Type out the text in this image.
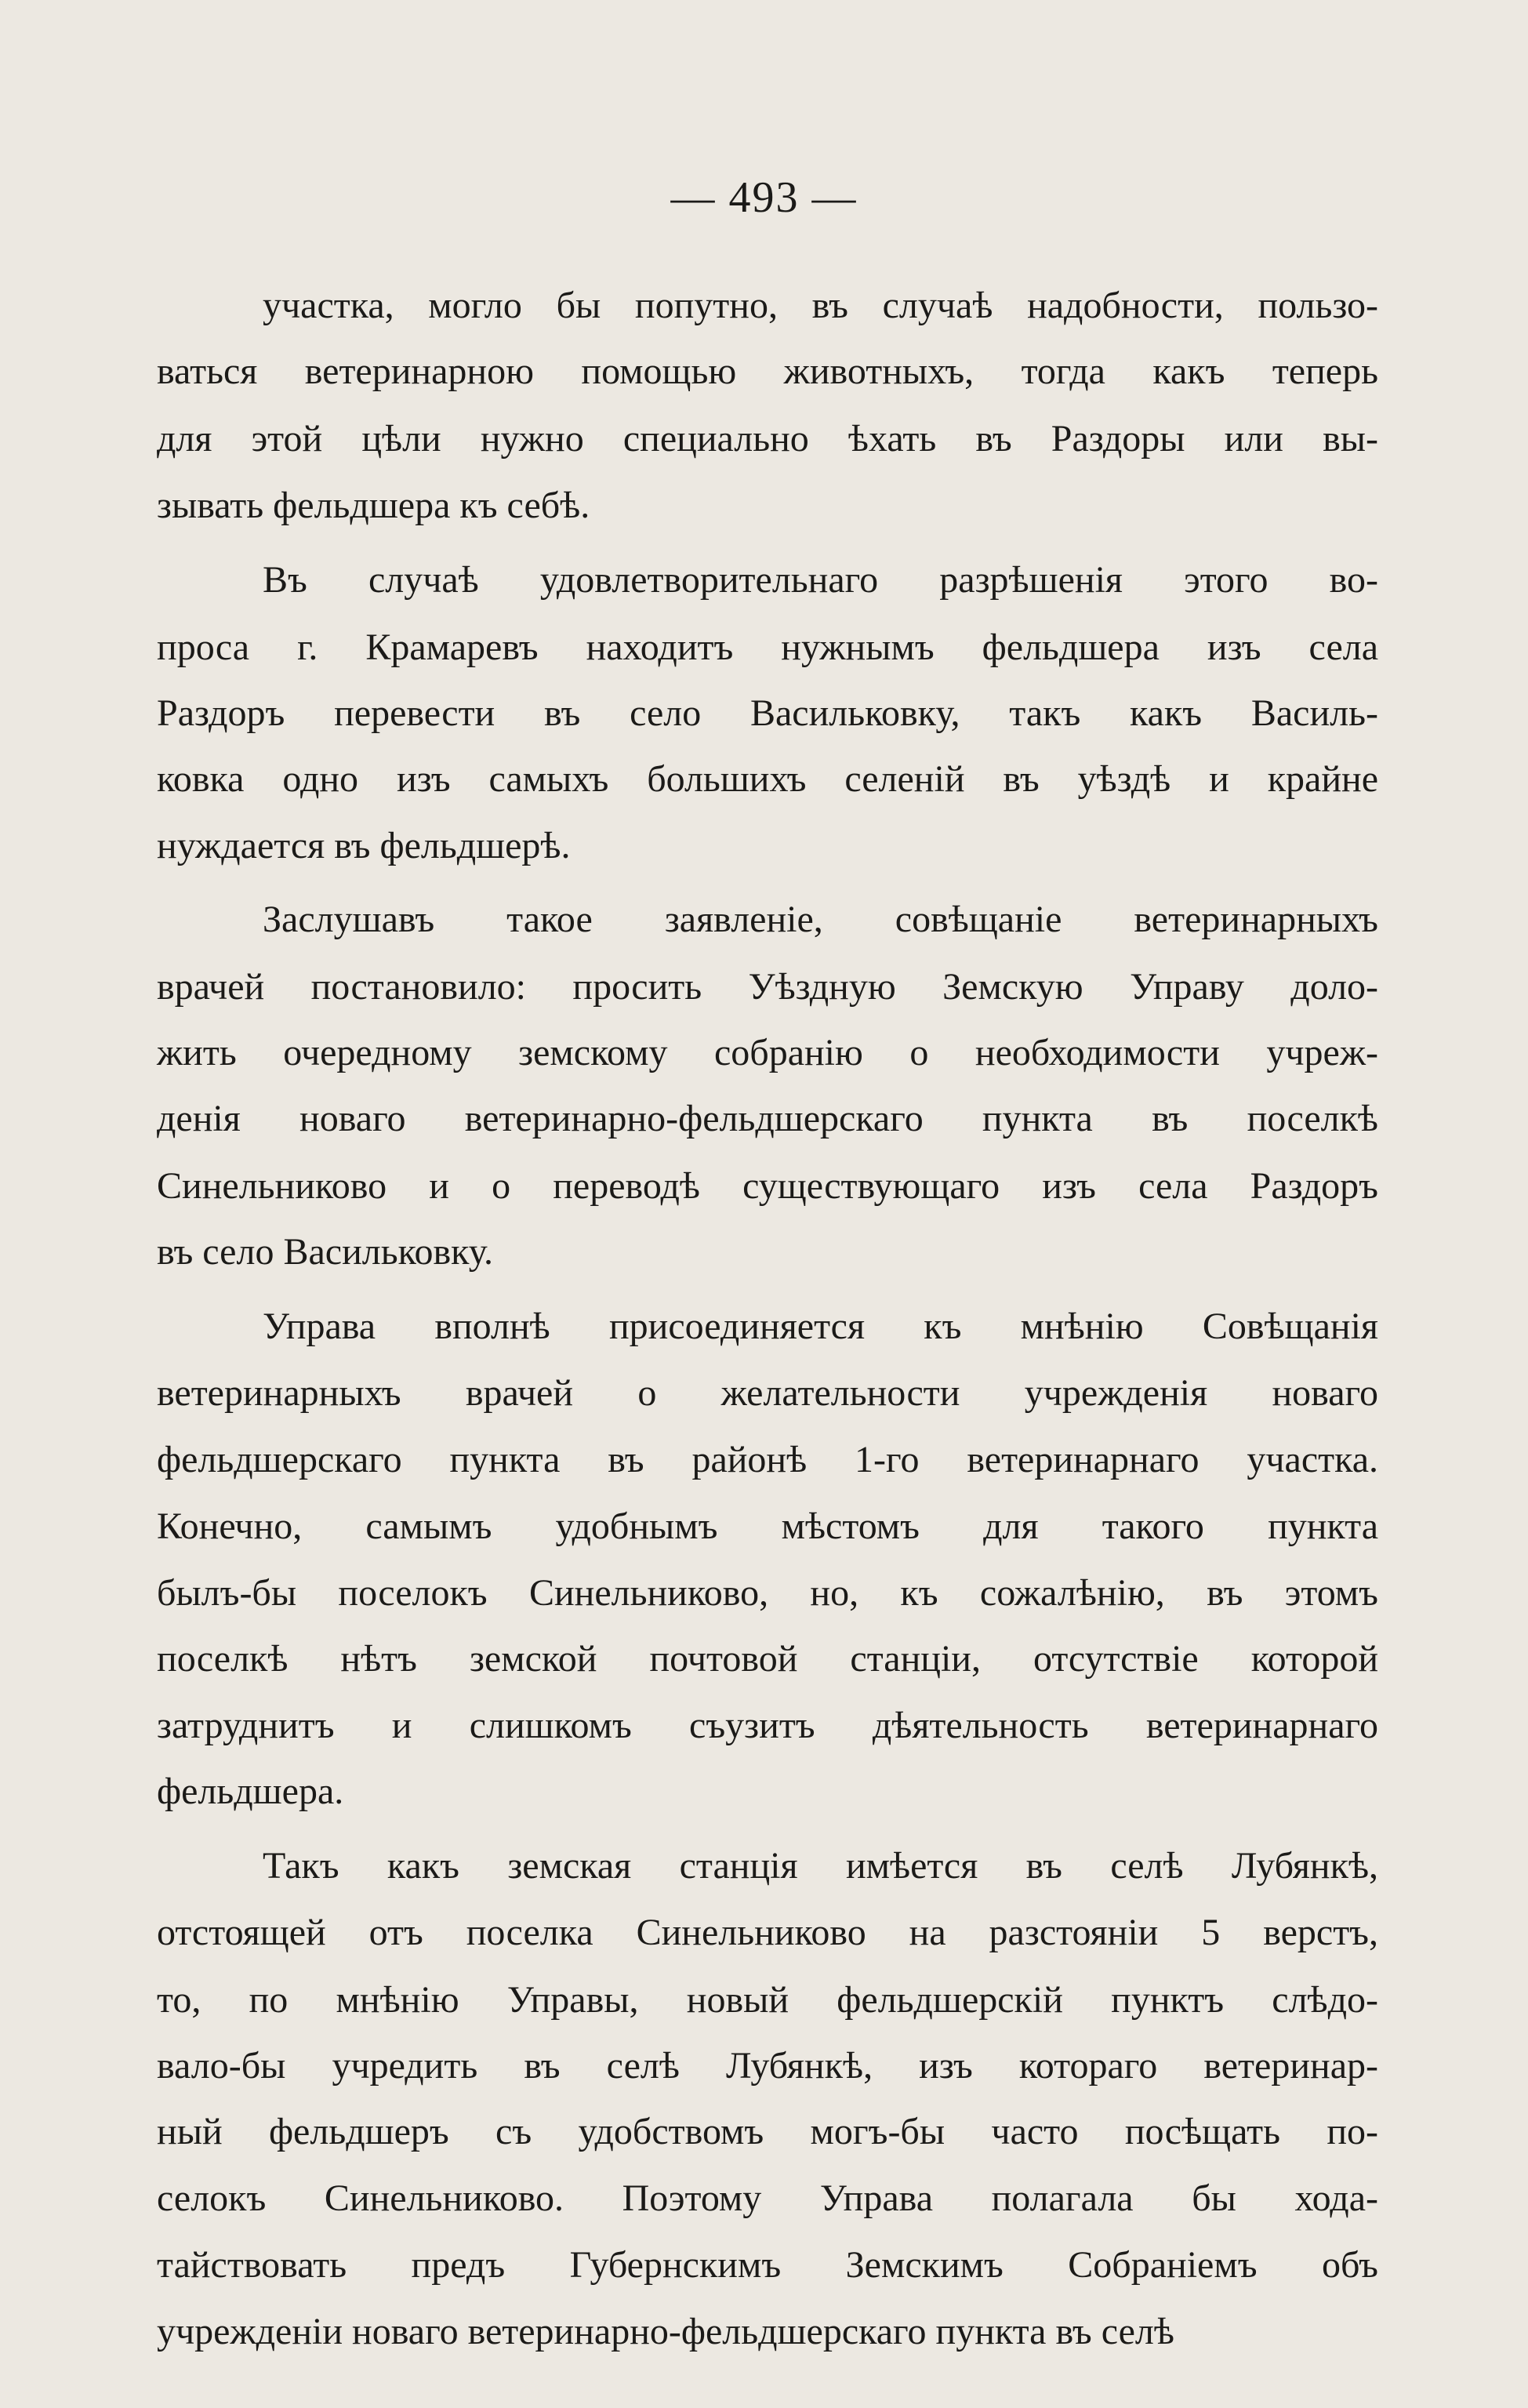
— 493 —
участка, могло бы попутно, въ случаѣ надобности, пользо-
ваться ветеринарною помощью животныхъ, тогда какъ теперь
для этой цѣли нужно специально ѣхать въ Раздоры или вы-
зывать фельдшера къ себѣ.
Въ случаѣ удовлетворительнаго разрѣшенія этого во-
проса г. Крамаревъ находитъ нужнымъ фельдшера изъ села
Раздоръ перевести въ село Васильковку, такъ какъ Василь-
ковка одно изъ самыхъ большихъ селеній въ уѣздѣ и крайне
нуждается въ фельдшерѣ.
Заслушавъ такое заявленіе, совѣщаніе ветеринарныхъ
врачей постановило: просить Уѣздную Земскую Управу доло-
жить очередному земскому собранію о необходимости учреж-
денія новаго ветеринарно-фельдшерскаго пункта въ поселкѣ
Синельниково и о переводѣ существующаго изъ села Раздоръ
въ село Васильковку.
Управа вполнѣ присоединяется къ мнѣнію Совѣщанія
ветеринарныхъ врачей о желательности учрежденія новаго
фельдшерскаго пункта въ районѣ 1-го ветеринарнаго участка.
Конечно, самымъ удобнымъ мѣстомъ для такого пункта
былъ-бы поселокъ Синельниково, но, къ сожалѣнію, въ этомъ
поселкѣ нѣтъ земской почтовой станціи, отсутствіе которой
затруднитъ и слишкомъ съузитъ дѣятельность ветеринарнаго
фельдшера.
Такъ какъ земская станція имѣется въ селѣ Лубянкѣ,
отстоящей отъ поселка Синельниково на разстояніи 5 верстъ,
то, по мнѣнію Управы, новый фельдшерскій пунктъ слѣдо-
вало-бы учредить въ селѣ Лубянкѣ, изъ котораго ветеринар-
ный фельдшеръ съ удобствомъ могъ-бы часто посѣщать по-
селокъ Синельниково. Поэтому Управа полагала бы хода-
тайствовать предъ Губернскимъ Земскимъ Собраніемъ объ
учрежденіи новаго ветеринарно-фельдшерскаго пункта въ селѣ
